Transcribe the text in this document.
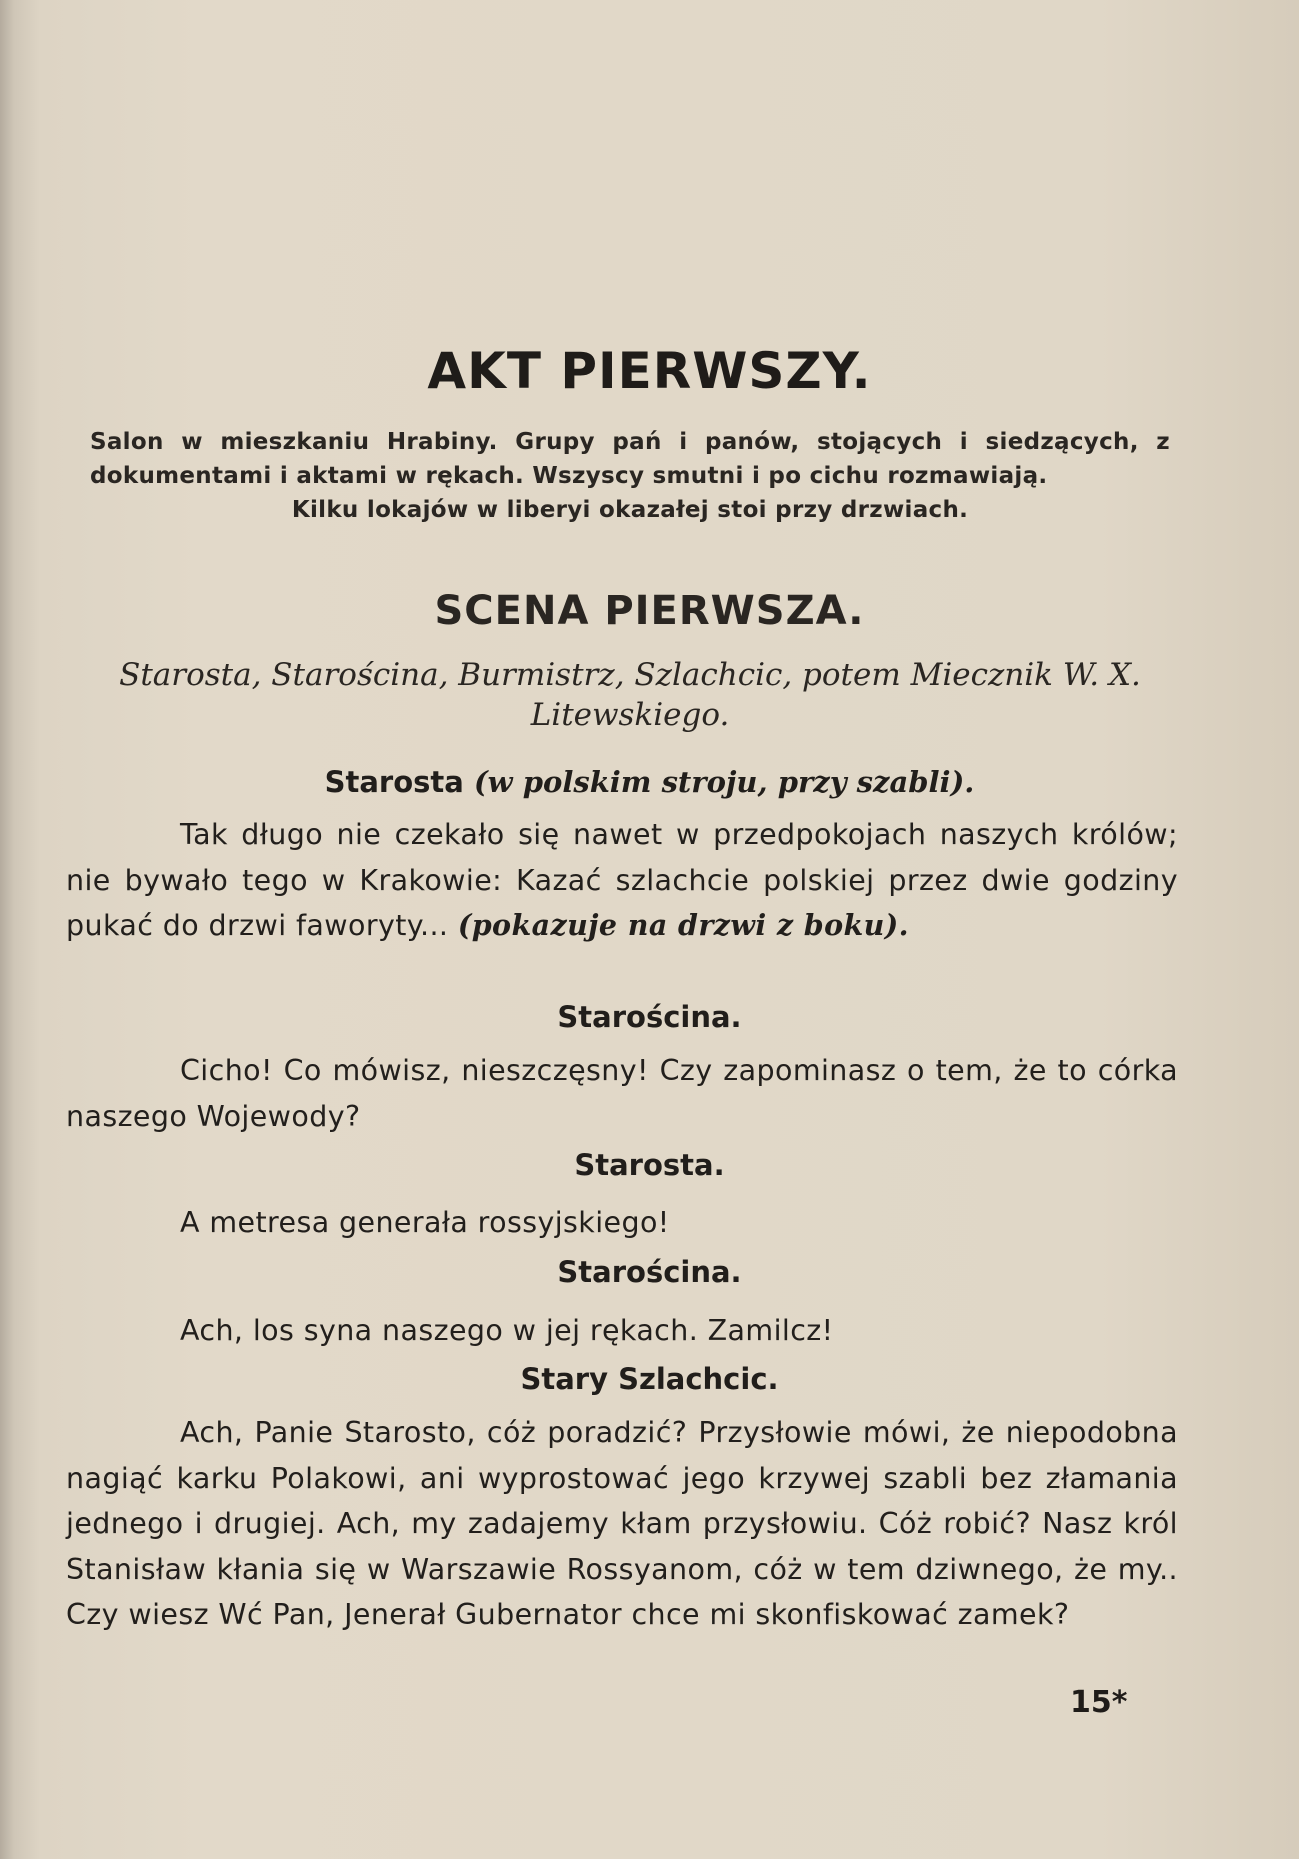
AKT PIERWSZY.

Salon w mieszkaniu Hrabiny. Grupy pań i panów, stojących i siedzących, z dokumentami i aktami w rękach. Wszyscy smutni i po cichu rozmawiają.
Kilku lokajów w liberyi okazałej stoi przy drzwiach.

SCENA PIERWSZA.

Starosta, Starościna, Burmistrz, Szlachcic, potem Miecznik W. X. Litewskiego.

Starosta (w polskim stroju, przy szabli).

Tak długo nie czekało się nawet w przedpokojach naszych królów; nie bywało tego w Krakowie: Kazać szlachcie polskiej przez dwie godziny pukać do drzwi faworyty... (pokazuje na drzwi z boku).

Starościna.

Cicho! Co mówisz, nieszczęsny! Czy zapominasz o tem, że to córka naszego Wojewody?

Starosta.

A metresa generała rossyjskiego!

Starościna.

Ach, los syna naszego w jej rękach. Zamilcz!

Stary Szlachcic.

Ach, Panie Starosto, cóż poradzić? Przysłowie mówi, że niepodobna nagiąć karku Polakowi, ani wyprostować jego krzywej szabli bez złamania jednego i drugiej. Ach, my zadajemy kłam przysłowiu. Cóż robić? Nasz król Stanisław kłania się w Warszawie Rossyanom, cóż w tem dziwnego, że my.. Czy wiesz Wć Pan, Jenerał Gubernator chce mi skonfiskować zamek?

15*
